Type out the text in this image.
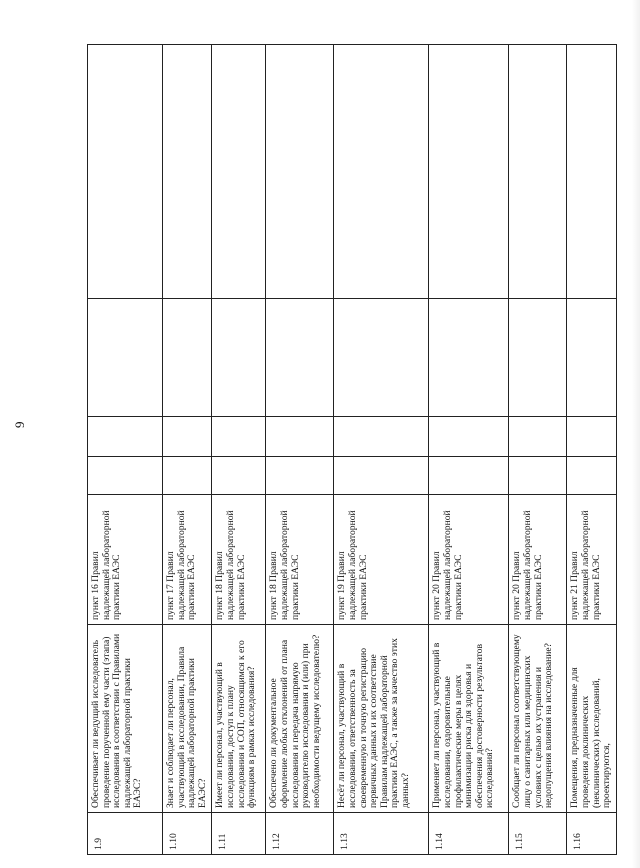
9
1.9	Обеспечивает ли ведущий исследователь проведение порученной ему части (этапа) исследования в соответствии с Правилами надлежащей лабораторной практики ЕАЭС?	пункт 16 Правил надлежащей лабораторной практики ЕАЭС				
1.10	Знает и соблюдает ли персонал, участвующий в исследовании, Правила надлежащей лабораторной практики ЕАЭС?	пункт 17 Правил надлежащей лабораторной практики ЕАЭС				
1.11	Имеет ли персонал, участвующий в исследовании, доступ к плану исследования и СОП, относящимся к его функциям в рамках исследования?	пункт 18 Правил надлежащей лабораторной практики ЕАЭС				
1.12	Обеспечено ли документальное оформление любых отклонений от плана исследования и передача напрямую руководителю исследования и (или) при необходимости ведущему исследователю?	пункт 18 Правил надлежащей лабораторной практики ЕАЭС				
1.13	Несёт ли персонал, участвующий в исследовании, ответственность за своевременную и точную регистрацию первичных данных и их соответствие Правилам надлежащей лабораторной практики ЕАЭС, а также за качество этих данных?	пункт 19 Правил надлежащей лабораторной практики ЕАЭС				
1.14	Применяет ли персонал, участвующий в исследовании, оздоровительные профилактические меры в целях минимизации риска для здоровья и обеспечения достоверности результатов исследования?	пункт 20 Правил надлежащей лабораторной практики ЕАЭС				
1.15	Сообщает ли персонал соответствующему лицу о санитарных или медицинских условиях с целью их устранения и недопущения влияния на исследование?	пункт 20 Правил надлежащей лабораторной практики ЕАЭС				
1.16	Помещения, предназначенные для проведения доклинических (неклинических) исследований, проектируются,	пункт 21 Правил надлежащей лабораторной практики ЕАЭС				
